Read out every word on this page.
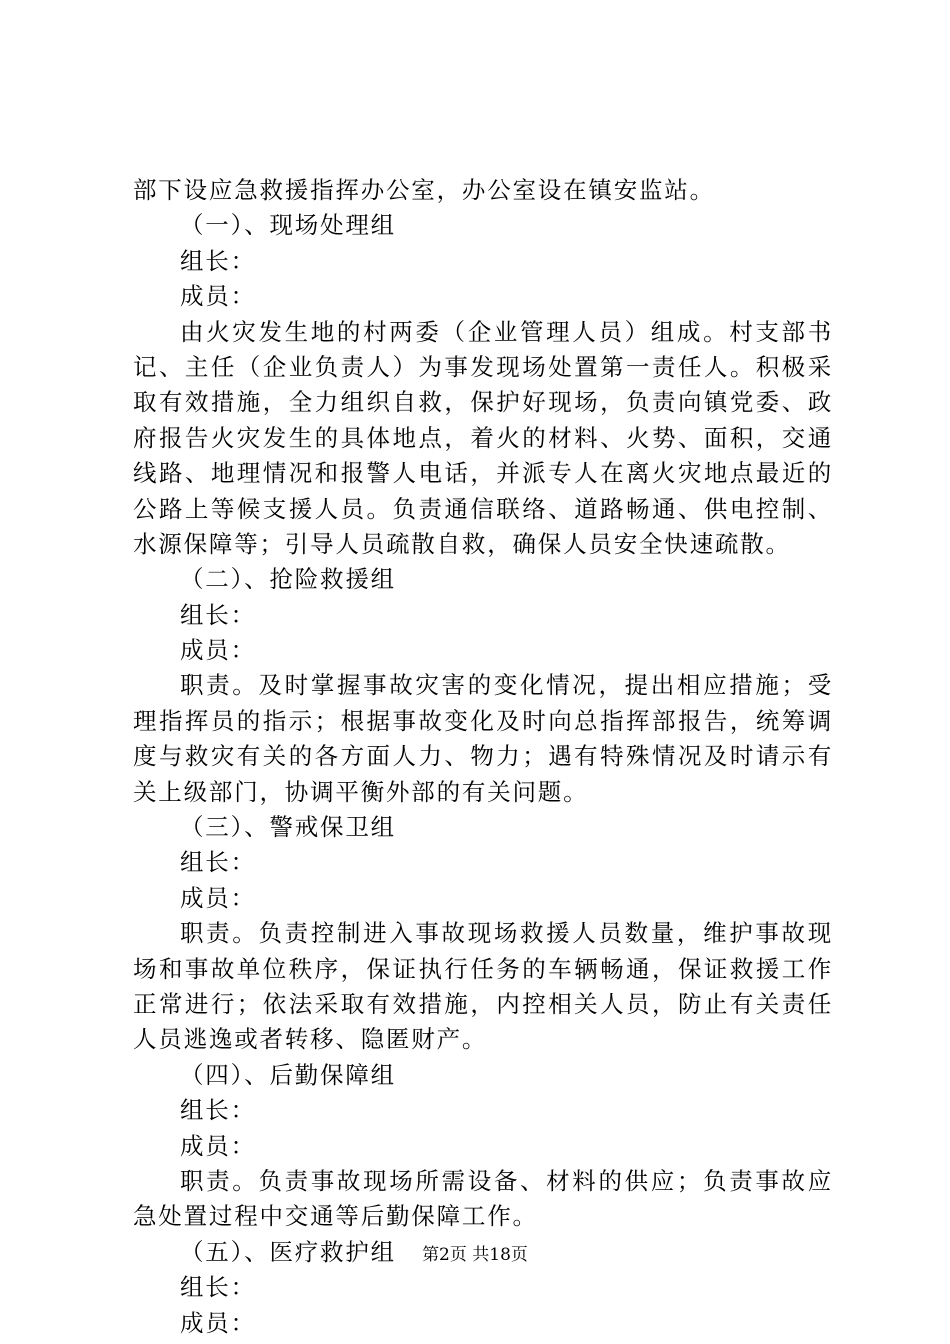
部下设应急救援指挥办公室，办公室设在镇安监站。
（一）、现场处理组
组长：
成员：
由火灾发生地的村两委（企业管理人员）组成。村支部书
记、主任（企业负责人）为事发现场处置第一责任人。积极采
取有效措施，全力组织自救，保护好现场，负责向镇党委、政
府报告火灾发生的具体地点，着火的材料、火势、面积，交通
线路、地理情况和报警人电话，并派专人在离火灾地点最近的
公路上等候支援人员。负责通信联络、道路畅通、供电控制、
水源保障等；引导人员疏散自救，确保人员安全快速疏散。
（二）、抢险救援组
组长：
成员：
职责。及时掌握事故灾害的变化情况，提出相应措施；受
理指挥员的指示；根据事故变化及时向总指挥部报告，统筹调
度与救灾有关的各方面人力、物力；遇有特殊情况及时请示有
关上级部门，协调平衡外部的有关问题。
（三）、警戒保卫组
组长：
成员：
职责。负责控制进入事故现场救援人员数量，维护事故现
场和事故单位秩序，保证执行任务的车辆畅通，保证救援工作
正常进行；依法采取有效措施，内控相关人员，防止有关责任
人员逃逸或者转移、隐匿财产。
（四）、后勤保障组
组长：
成员：
职责。负责事故现场所需设备、材料的供应；负责事故应
急处置过程中交通等后勤保障工作。
（五）、医疗救护组
组长：
成员：
第2页 共18页
